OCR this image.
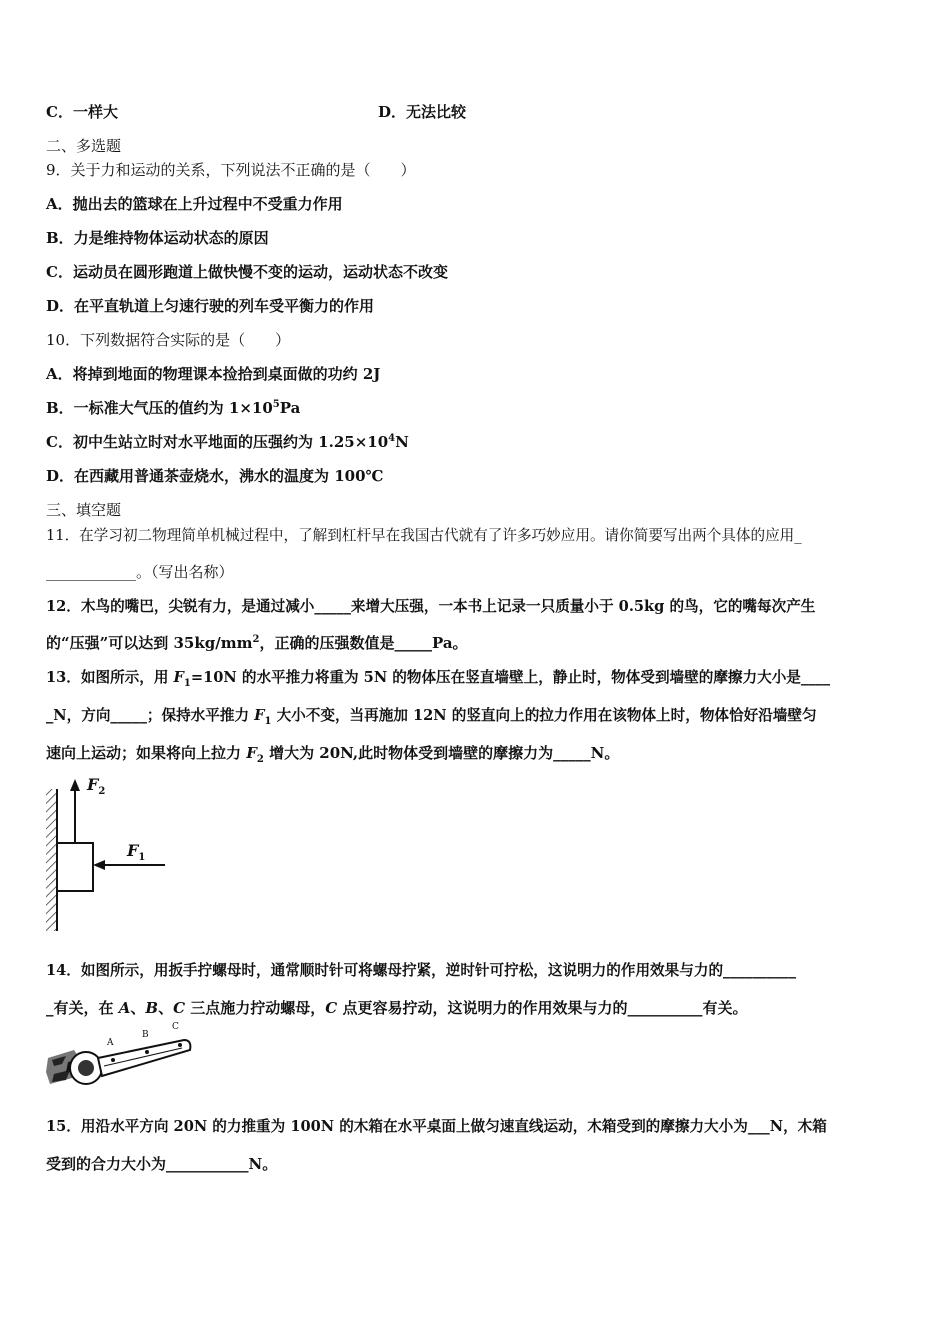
C．一样大	D．无法比较
二、多选题
9．关于力和运动的关系，下列说法不正确的是（　　）
A．抛出去的篮球在上升过程中不受重力作用
B．力是维持物体运动状态的原因
C．运动员在圆形跑道上做快慢不变的运动，运动状态不改变
D．在平直轨道上匀速行驶的列车受平衡力的作用
10．下列数据符合实际的是（　　）
A．将掉到地面的物理课本捡拾到桌面做的功约 2J
B．一标准大气压的值约为 $1\times 10^5Pa$
C．初中生站立时对水平地面的压强约为 $1.25\times 10^4N$
D．在西藏用普通茶壶烧水，沸水的温度为 100℃
三、填空题
11．在学习初二物理简单机械过程中，了解到杠杆早在我国古代就有了许多巧妙应用。请你简要写出两个具体的应用_
____________。（写出名称）
12．木鸟的嘴巴，尖锐有力，是通过减小_____来增大压强，一本书上记录一只质量小于 0.5kg 的鸟，它的嘴每次产生
的“压强”可以达到 $35kg/mm^2$，正确的压强数值是_____Pa。
13．如图所示，用 $F_1=10N$ 的水平推力将重为 5N 的物体压在竖直墙壁上，静止时，物体受到墙壁的摩擦力大小是____
_N，方向_____；保持水平推力 $F_1$ 大小不变，当再施加 12N 的竖直向上的拉力作用在该物体上时，物体恰好沿墙壁匀
速向上运动；如果将向上拉力 $F_2$ 增大为 20N,此时物体受到墙壁的摩擦力为_____N。
$F_2$
$F_1$
14．如图所示，用扳手拧螺母时，通常顺时针可将螺母拧紧，逆时针可拧松，这说明力的作用效果与力的__________
_有关，在 A、B、C 三点施力拧动螺母，C 点更容易拧动，这说明力的作用效果与力的__________有关。
A
B
C
15．用沿水平方向 20N 的力推重为 100N 的木箱在水平桌面上做匀速直线运动，木箱受到的摩擦力大小为___N，木箱
受到的合力大小为___________N。
